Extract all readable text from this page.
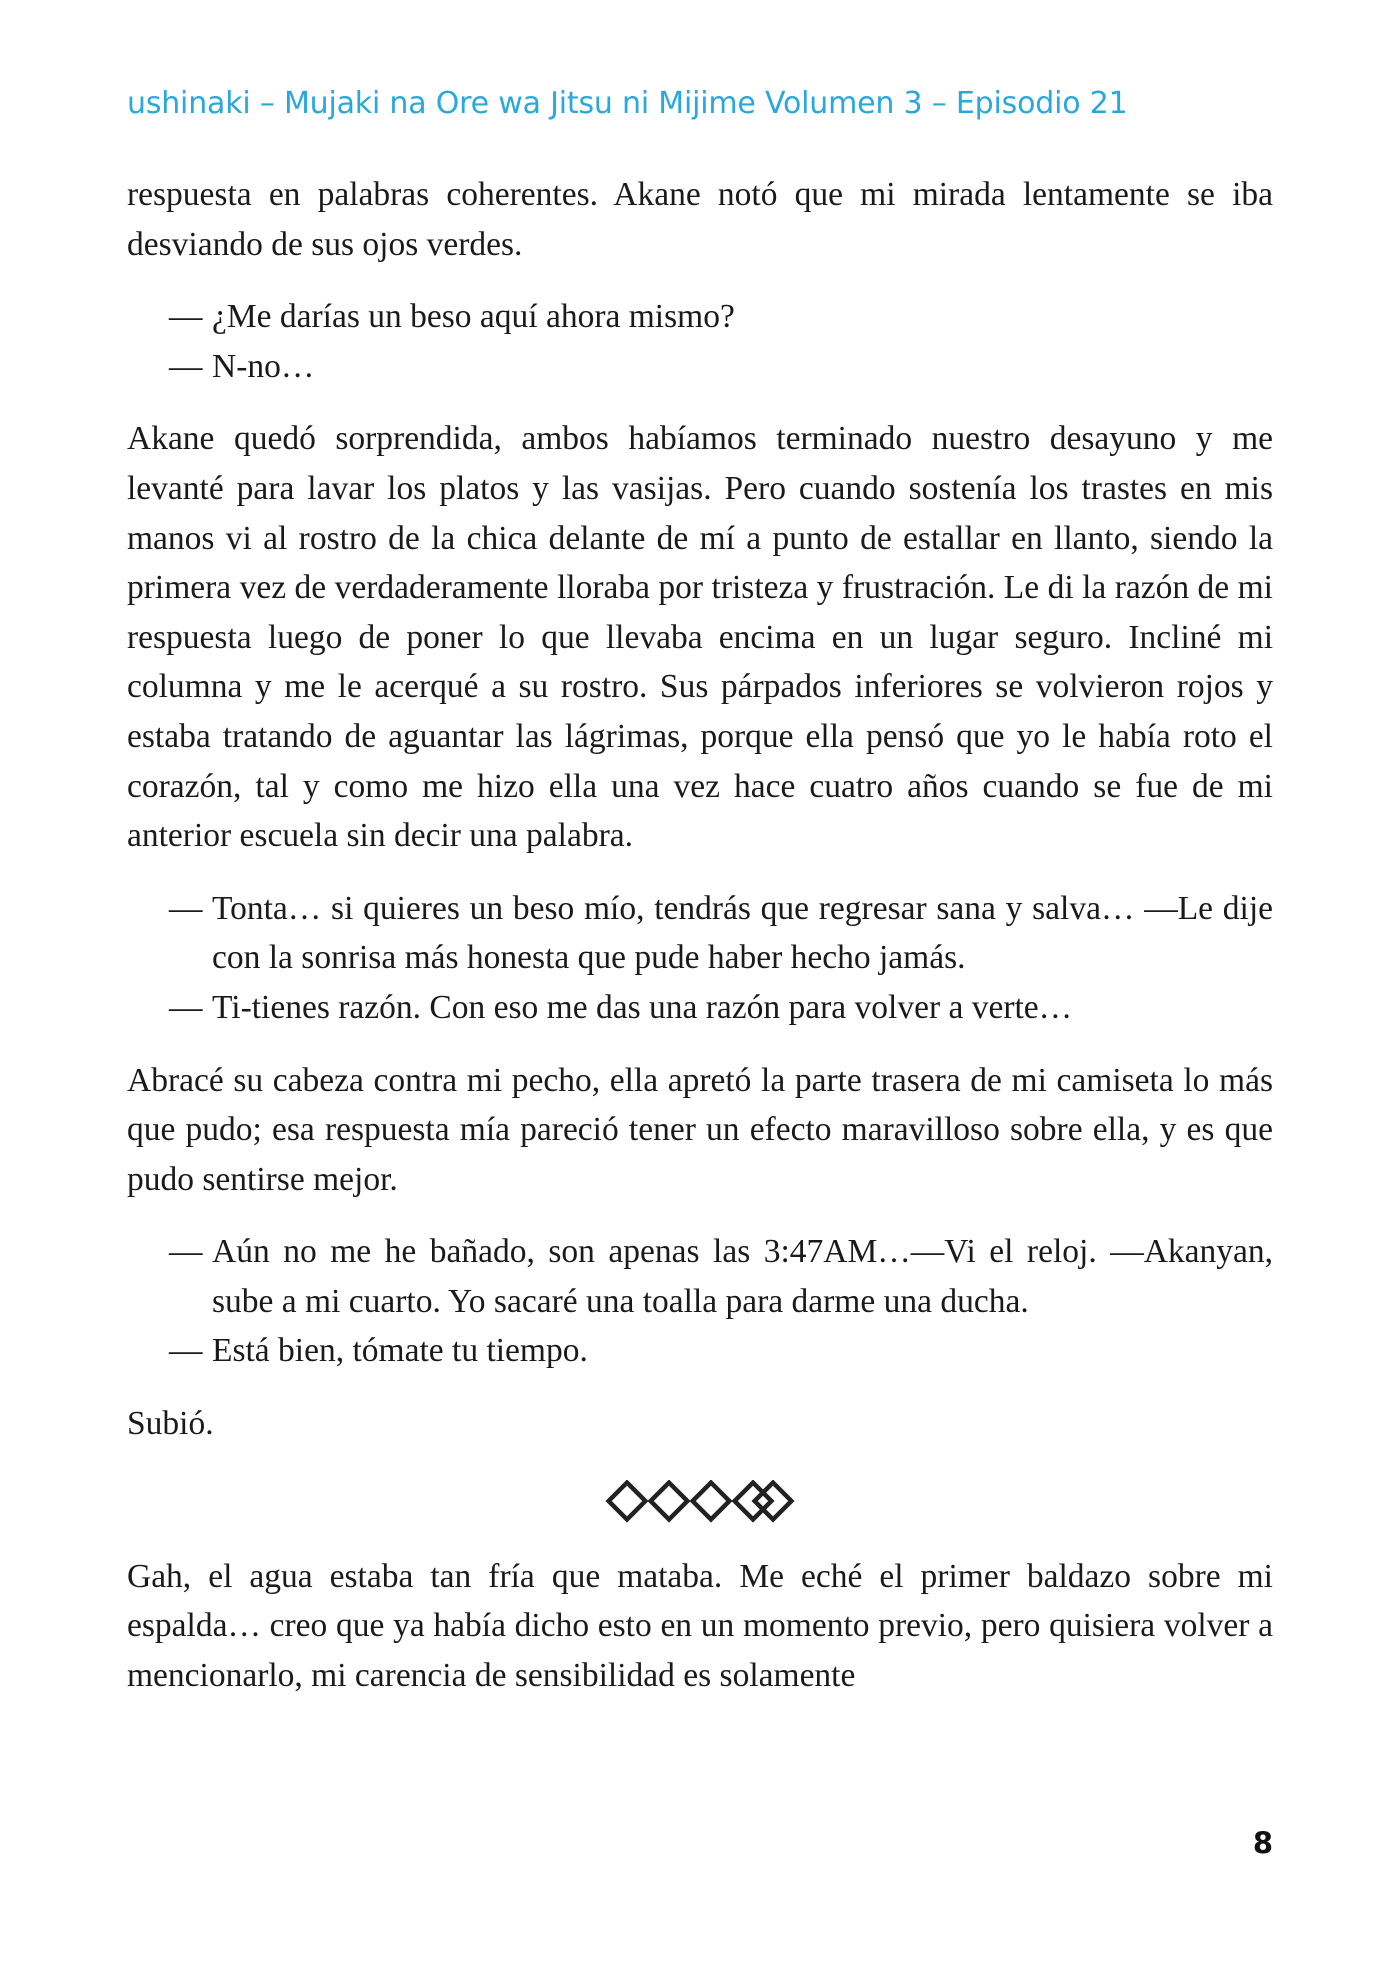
ushinaki – Mujaki na Ore wa Jitsu ni Mijime Volumen 3 – Episodio 21

respuesta en palabras coherentes. Akane notó que mi mirada lentamente se iba desviando de sus ojos verdes.

— ¿Me darías un beso aquí ahora mismo?
— N-no…

Akane quedó sorprendida, ambos habíamos terminado nuestro desayuno y me levanté para lavar los platos y las vasijas. Pero cuando sostenía los trastes en mis manos vi al rostro de la chica delante de mí a punto de estallar en llanto, siendo la primera vez de verdaderamente lloraba por tristeza y frustración. Le di la razón de mi respuesta luego de poner lo que llevaba encima en un lugar seguro. Incliné mi columna y me le acerqué a su rostro. Sus párpados inferiores se volvieron rojos y estaba tratando de aguantar las lágrimas, porque ella pensó que yo le había roto el corazón, tal y como me hizo ella una vez hace cuatro años cuando se fue de mi anterior escuela sin decir una palabra.

— Tonta… si quieres un beso mío, tendrás que regresar sana y salva… —Le dije con la sonrisa más honesta que pude haber hecho jamás.
— Ti-tienes razón. Con eso me das una razón para volver a verte…

Abracé su cabeza contra mi pecho, ella apretó la parte trasera de mi camiseta lo más que pudo; esa respuesta mía pareció tener un efecto maravilloso sobre ella, y es que pudo sentirse mejor.

— Aún no me he bañado, son apenas las 3:47AM…—Vi el reloj. —Akanyan, sube a mi cuarto. Yo sacaré una toalla para darme una ducha.
— Está bien, tómate tu tiempo.

Subió.

Gah, el agua estaba tan fría que mataba. Me eché el primer baldazo sobre mi espalda… creo que ya había dicho esto en un momento previo, pero quisiera volver a mencionarlo, mi carencia de sensibilidad es solamente

8
